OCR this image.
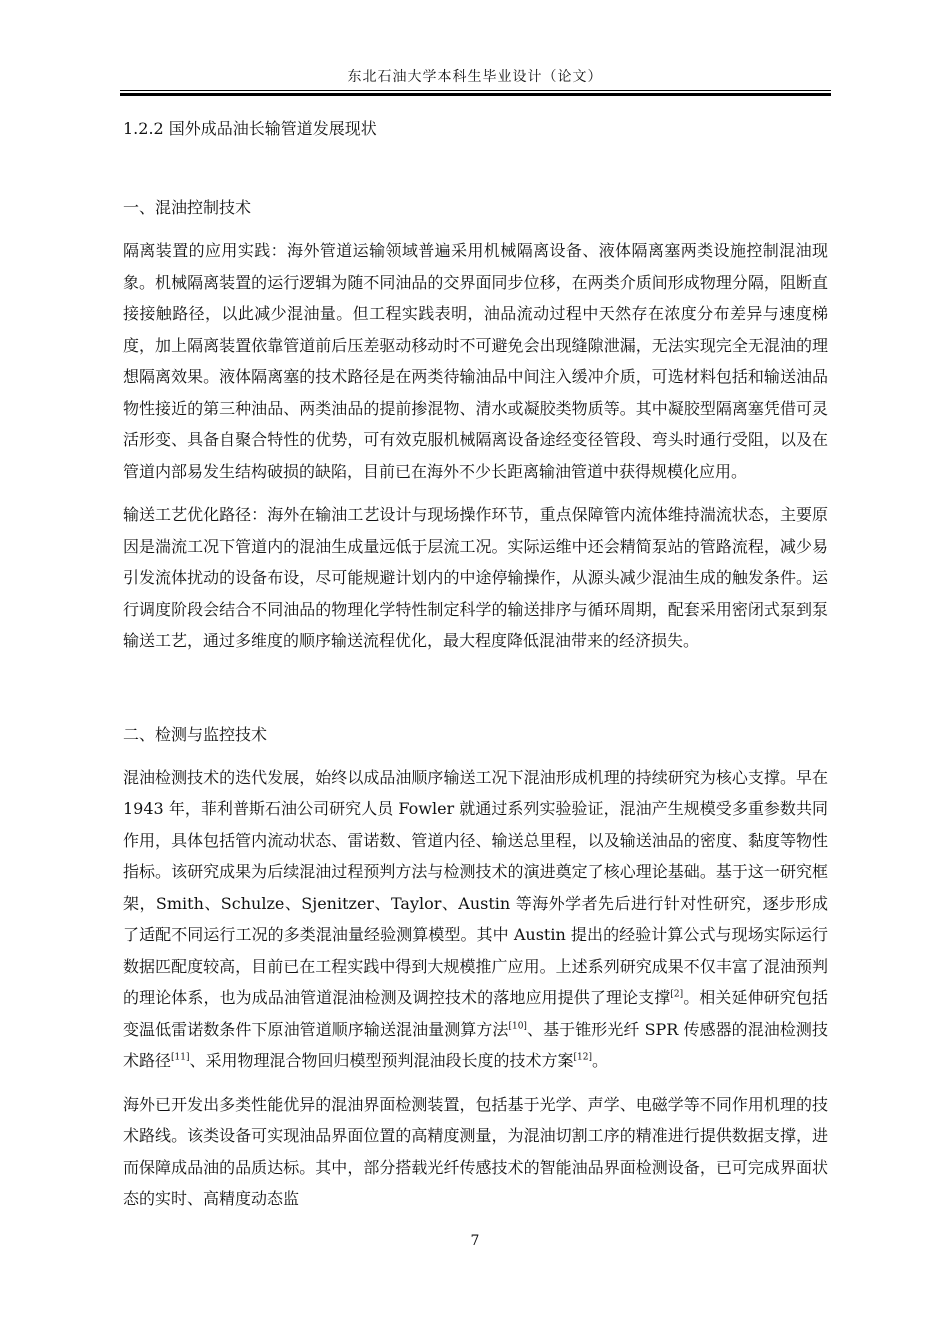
东北石油大学本科生毕业设计（论文）
1.2.2 国外成品油长输管道发展现状
一、混油控制技术

隔离装置的应用实践：海外管道运输领域普遍采用机械隔离设备、液体隔离塞两类设施控制混油现象。机械隔离装置的运行逻辑为随不同油品的交界面同步位移，在两类介质间形成物理分隔，阻断直接接触路径，以此减少混油量。但工程实践表明，油品流动过程中天然存在浓度分布差异与速度梯度，加上隔离装置依靠管道前后压差驱动移动时不可避免会出现缝隙泄漏，无法实现完全无混油的理想隔离效果。液体隔离塞的技术路径是在两类待输油品中间注入缓冲介质，可选材料包括和输送油品物性接近的第三种油品、两类油品的提前掺混物、清水或凝胶类物质等。其中凝胶型隔离塞凭借可灵活形变、具备自聚合特性的优势，可有效克服机械隔离设备途经变径管段、弯头时通行受阻，以及在管道内部易发生结构破损的缺陷，目前已在海外不少长距离输油管道中获得规模化应用。

输送工艺优化路径：海外在输油工艺设计与现场操作环节，重点保障管内流体维持湍流状态，主要原因是湍流工况下管道内的混油生成量远低于层流工况。实际运维中还会精简泵站的管路流程，减少易引发流体扰动的设备布设，尽可能规避计划内的中途停输操作，从源头减少混油生成的触发条件。运行调度阶段会结合不同油品的物理化学特性制定科学的输送排序与循环周期，配套采用密闭式泵到泵输送工艺，通过多维度的顺序输送流程优化，最大程度降低混油带来的经济损失。

二、检测与监控技术

混油检测技术的迭代发展，始终以成品油顺序输送工况下混油形成机理的持续研究为核心支撑。早在 1943 年，菲利普斯石油公司研究人员 Fowler 就通过系列实验验证，混油产生规模受多重参数共同作用，具体包括管内流动状态、雷诺数、管道内径、输送总里程，以及输送油品的密度、黏度等物性指标。该研究成果为后续混油过程预判方法与检测技术的演进奠定了核心理论基础。基于这一研究框架，Smith、Schulze、Sjenitzer、Taylor、Austin 等海外学者先后进行针对性研究，逐步形成了适配不同运行工况的多类混油量经验测算模型。其中 Austin 提出的经验计算公式与现场实际运行数据匹配度较高，目前已在工程实践中得到大规模推广应用。上述系列研究成果不仅丰富了混油预判的理论体系，也为成品油管道混油检测及调控技术的落地应用提供了理论支撑[2]。相关延伸研究包括变温低雷诺数条件下原油管道顺序输送混油量测算方法[10]、基于锥形光纤 SPR 传感器的混油检测技术路径[11]、采用物理混合物回归模型预判混油段长度的技术方案[12]。

海外已开发出多类性能优异的混油界面检测装置，包括基于光学、声学、电磁学等不同作用机理的技术路线。该类设备可实现油品界面位置的高精度测量，为混油切割工序的精准进行提供数据支撑，进而保障成品油的品质达标。其中，部分搭载光纤传感技术的智能油品界面检测设备，已可完成界面状态的实时、高精度动态监

7
